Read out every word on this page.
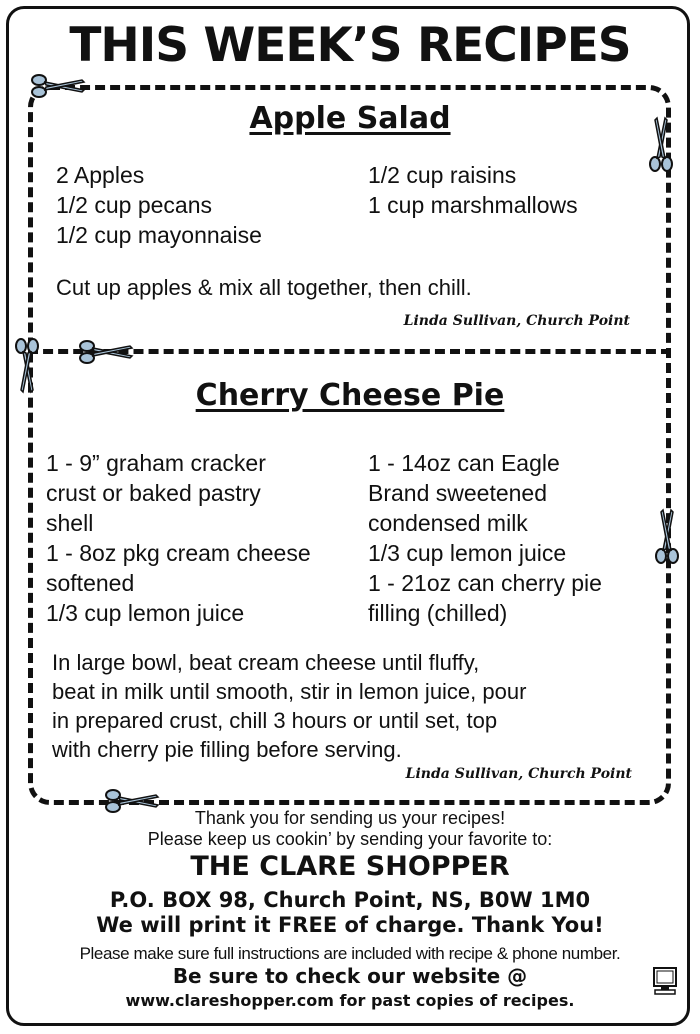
THIS WEEK’S RECIPES
Apple Salad
2 Apples
1/2 cup pecans
1/2 cup mayonnaise
1/2 cup raisins
1 cup marshmallows
Cut up apples & mix all together, then chill.
Linda Sullivan, Church Point
Cherry Cheese Pie
1 - 9” graham cracker
crust or baked pastry
shell
1 - 8oz pkg cream cheese
softened
1/3 cup lemon juice
1 - 14oz can Eagle
Brand sweetened
condensed milk
1/3 cup lemon juice
1 - 21oz can cherry pie
filling (chilled)
In large bowl, beat cream cheese until fluffy,
beat in milk until smooth, stir in lemon juice, pour
in prepared crust, chill 3 hours or until set, top
with cherry pie filling before serving.
Linda Sullivan, Church Point
Thank you for sending us your recipes!
Please keep us cookin’ by sending your favorite to:
THE CLARE SHOPPER
P.O. BOX 98, Church Point, NS, B0W 1M0
We will print it FREE of charge. Thank You!
Please make sure full instructions are included with recipe & phone number.
Be sure to check our website @
www.clareshopper.com for past copies of recipes.
